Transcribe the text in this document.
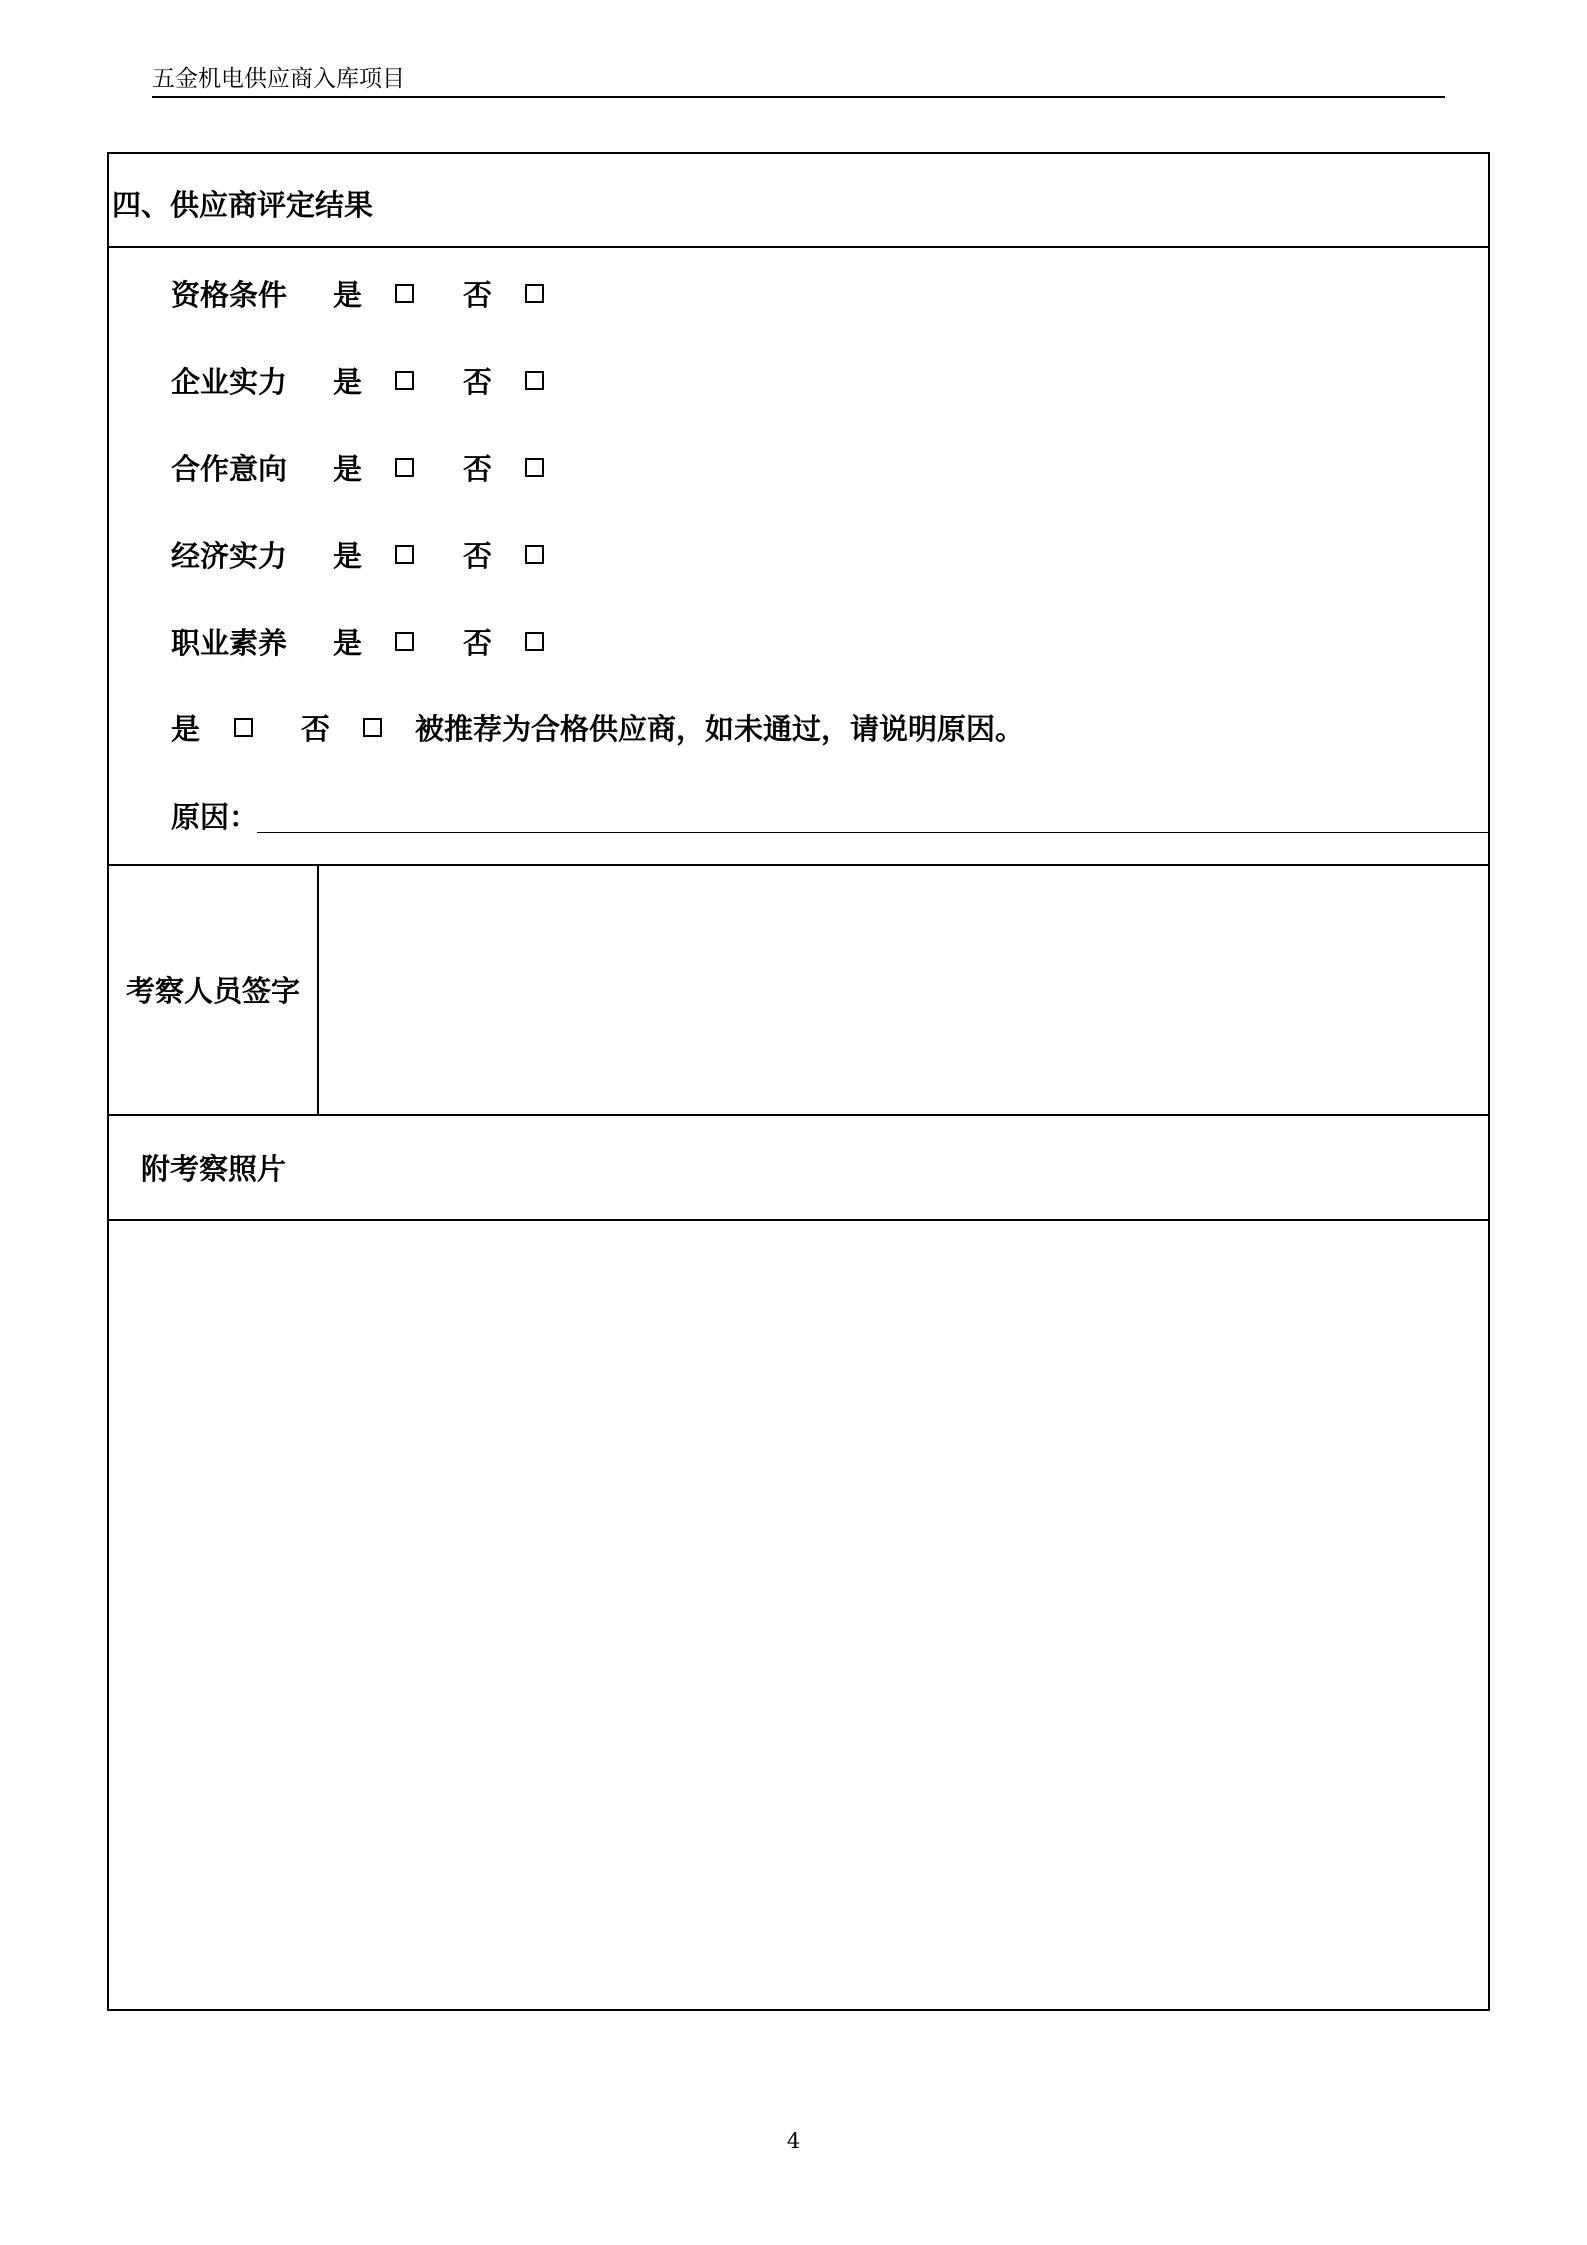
五金机电供应商入库项目
四、供应商评定结果
资格条件 是	否
企业实力 是	否
合作意向 是	否
经济实力 是	否
职业素养 是	否
是	否	被推荐为合格供应商，如未通过，请说明原因。
原因：
考察人员签字
附考察照片
4
